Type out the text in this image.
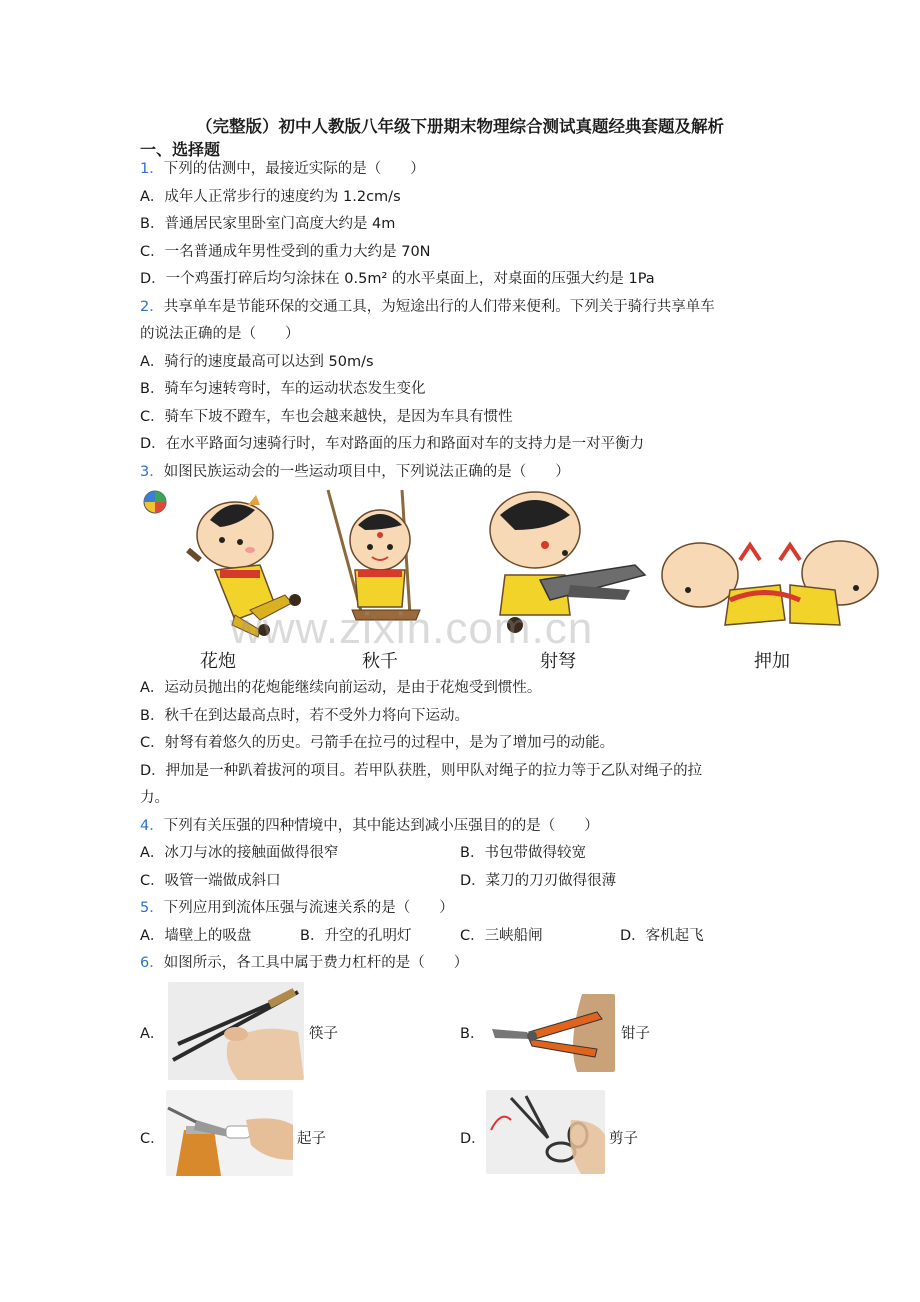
（完整版）初中人教版八年级下册期末物理综合测试真题经典套题及解析
一、选择题
1．下列的估测中，最接近实际的是（　　）
A．成年人正常步行的速度约为 1.2cm/s
B．普通居民家里卧室门高度大约是 4m
C．一名普通成年男性受到的重力大约是 70N
D．一个鸡蛋打碎后均匀涂抹在 0.5m² 的水平桌面上，对桌面的压强大约是 1Pa
2．共享单车是节能环保的交通工具，为短途出行的人们带来便利。下列关于骑行共享单车
的说法正确的是（　　）
A．骑行的速度最高可以达到 50m/s
B．骑车匀速转弯时，车的运动状态发生变化
C．骑车下坡不蹬车，车也会越来越快，是因为车具有惯性
D．在水平路面匀速骑行时，车对路面的压力和路面对车的支持力是一对平衡力
3．如图民族运动会的一些运动项目中，下列说法正确的是（　　）
花炮	秋千	射弩	押加
www.zixin.com.cn
A．运动员抛出的花炮能继续向前运动，是由于花炮受到惯性。
B．秋千在到达最高点时，若不受外力将向下运动。
C．射弩有着悠久的历史。弓箭手在拉弓的过程中，是为了增加弓的动能。
D．押加是一种趴着拔河的项目。若甲队获胜，则甲队对绳子的拉力等于乙队对绳子的拉
力。
4．下列有关压强的四种情境中，其中能达到减小压强目的的是（　　）
A．冰刀与冰的接触面做得很窄	B．书包带做得较宽
C．吸管一端做成斜口	D．菜刀的刀刃做得很薄
5．下列应用到流体压强与流速关系的是（　　）
A．墙壁上的吸盘	B．升空的孔明灯	C．三峡船闸	D．客机起飞
6．如图所示，各工具中属于费力杠杆的是（　　）
A．	筷子	B．	钳子
C．	起子	D．	剪子
